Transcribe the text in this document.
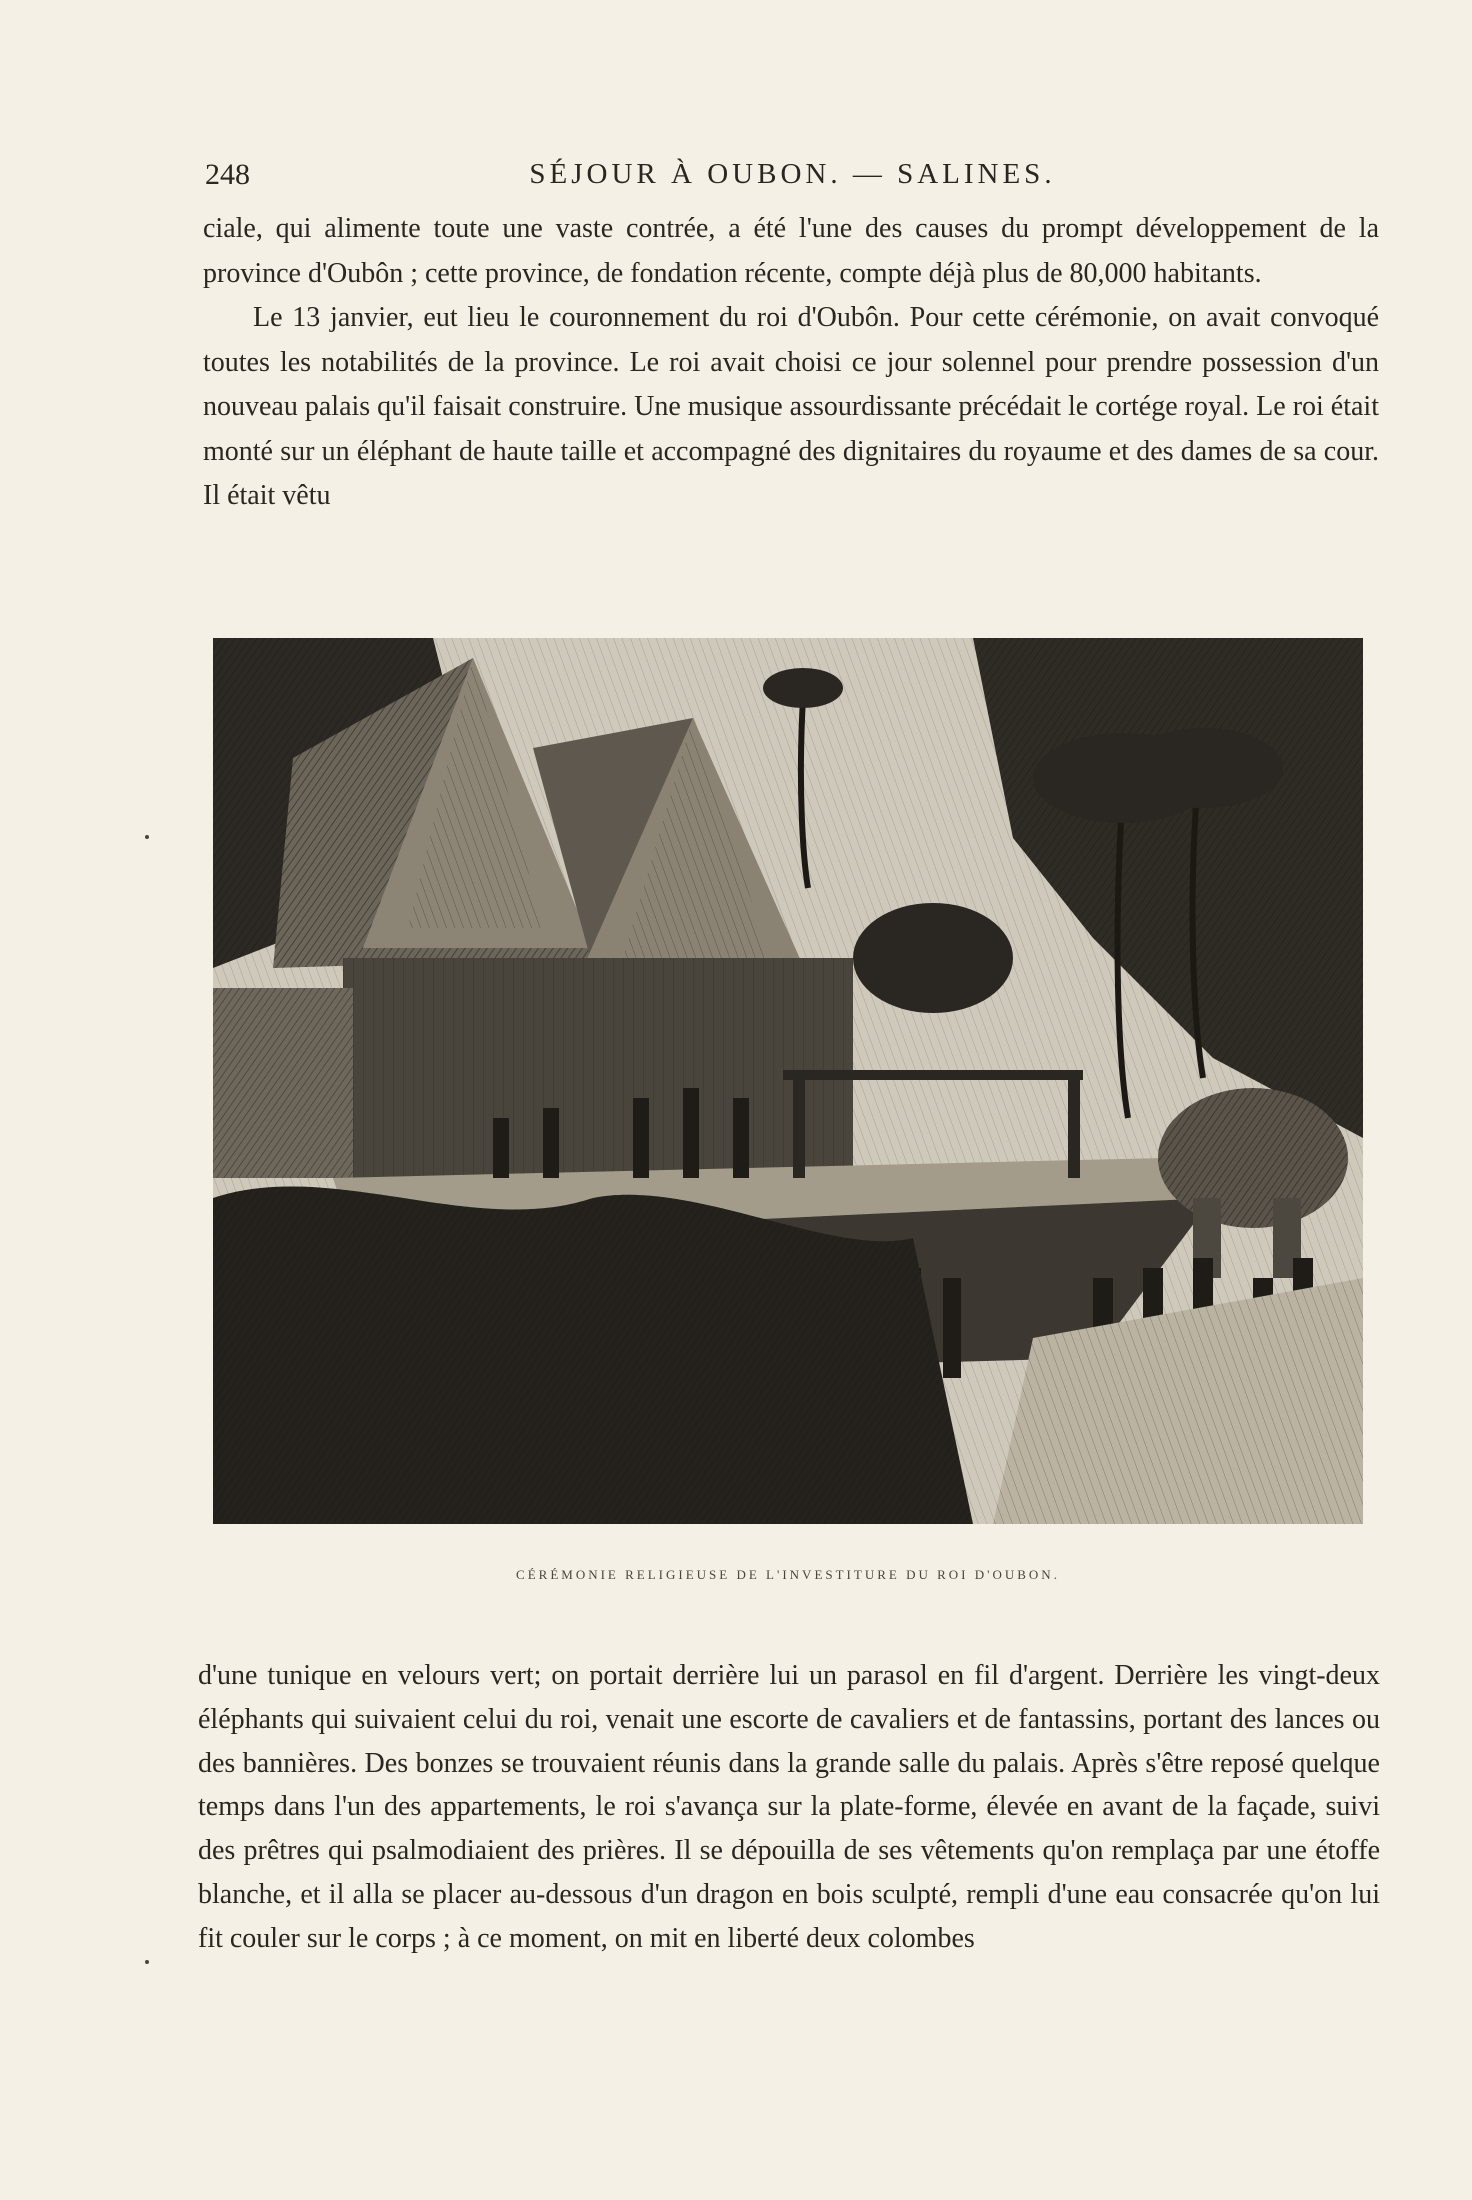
248	SÉJOUR À OUBON. — SALINES.

ciale, qui alimente toute une vaste contrée, a été l'une des causes du prompt développement de la province d'Oubôn ; cette province, de fondation récente, compte déjà plus de 80,000 habitants.

Le 13 janvier, eut lieu le couronnement du roi d'Oubôn. Pour cette cérémonie, on avait convoqué toutes les notabilités de la province. Le roi avait choisi ce jour solennel pour prendre possession d'un nouveau palais qu'il faisait construire. Une musique assourdissante précédait le cortége royal. Le roi était monté sur un éléphant de haute taille et accompagné des dignitaires du royaume et des dames de sa cour. Il était vêtu

CÉRÉMONIE RELIGIEUSE DE L'INVESTITURE DU ROI D'OUBON.

d'une tunique en velours vert; on portait derrière lui un parasol en fil d'argent. Derrière les vingt-deux éléphants qui suivaient celui du roi, venait une escorte de cavaliers et de fantassins, portant des lances ou des bannières. Des bonzes se trouvaient réunis dans la grande salle du palais. Après s'être reposé quelque temps dans l'un des appartements, le roi s'avança sur la plate-forme, élevée en avant de la façade, suivi des prêtres qui psalmodiaient des prières. Il se dépouilla de ses vêtements qu'on remplaça par une étoffe blanche, et il alla se placer au-dessous d'un dragon en bois sculpté, rempli d'une eau consacrée qu'on lui fit couler sur le corps ; à ce moment, on mit en liberté deux colombes
